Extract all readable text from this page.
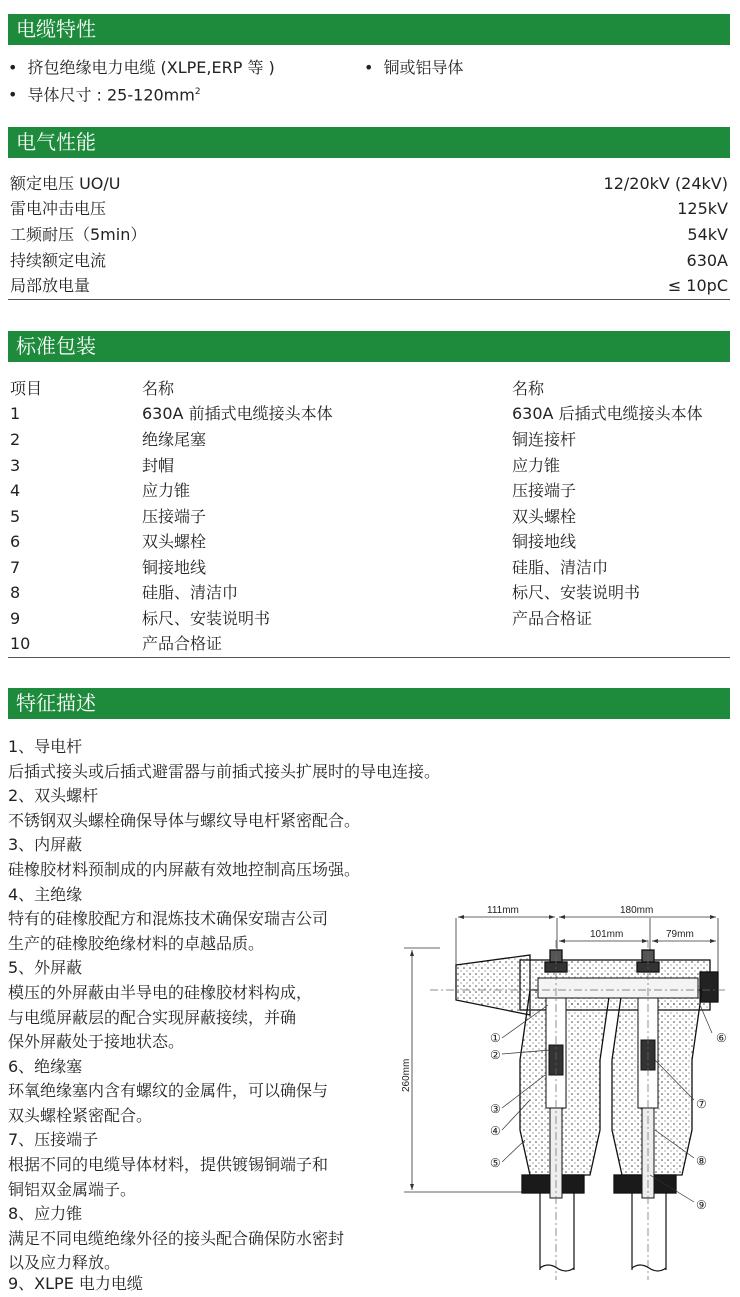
电缆特性
• 挤包绝缘电力电缆 (XLPE,ERP 等 )
• 导体尺寸 : $25-120mm^2$
• 铜或铝导体
电气性能
额定电压 UO/U	12/20kV (24kV)
雷电冲击电压	125kV
工频耐压（5min）	54kV
持续额定电流	630A
局部放电量	≤ 10pC
标准包装
项目	名称	名称
1	630A 前插式电缆接头本体	630A 后插式电缆接头本体
2	绝缘尾塞	铜连接杆
3	封帽	应力锥
4	应力锥	压接端子
5	压接端子	双头螺栓
6	双头螺栓	铜接地线
7	铜接地线	硅脂、清洁巾
8	硅脂、清洁巾	标尺、安装说明书
9	标尺、安装说明书	产品合格证
10	产品合格证
特征描述
1、导电杆
后插式接头或后插式避雷器与前插式接头扩展时的导电连接。
2、双头螺杆
不锈钢双头螺栓确保导体与螺纹导电杆紧密配合。
3、内屏蔽
硅橡胶材料预制成的内屏蔽有效地控制高压场强。
4、主绝缘
特有的硅橡胶配方和混炼技术确保安瑞吉公司
生产的硅橡胶绝缘材料的卓越品质。
5、外屏蔽
模压的外屏蔽由半导电的硅橡胶材料构成，
与电缆屏蔽层的配合实现屏蔽接续，并确
保外屏蔽处于接地状态。
6、绝缘塞
环氧绝缘塞内含有螺纹的金属件，可以确保与
双头螺栓紧密配合。
7、压接端子
根据不同的电缆导体材料，提供镀锡铜端子和
铜铝双金属端子。
8、应力锥
满足不同电缆绝缘外径的接头配合确保防水密封
以及应力释放。
9、XLPE 电力电缆
111mm	180mm
101mm	79mm
260mm
①
②
③
④
⑤
⑥
⑦
⑧
⑨
